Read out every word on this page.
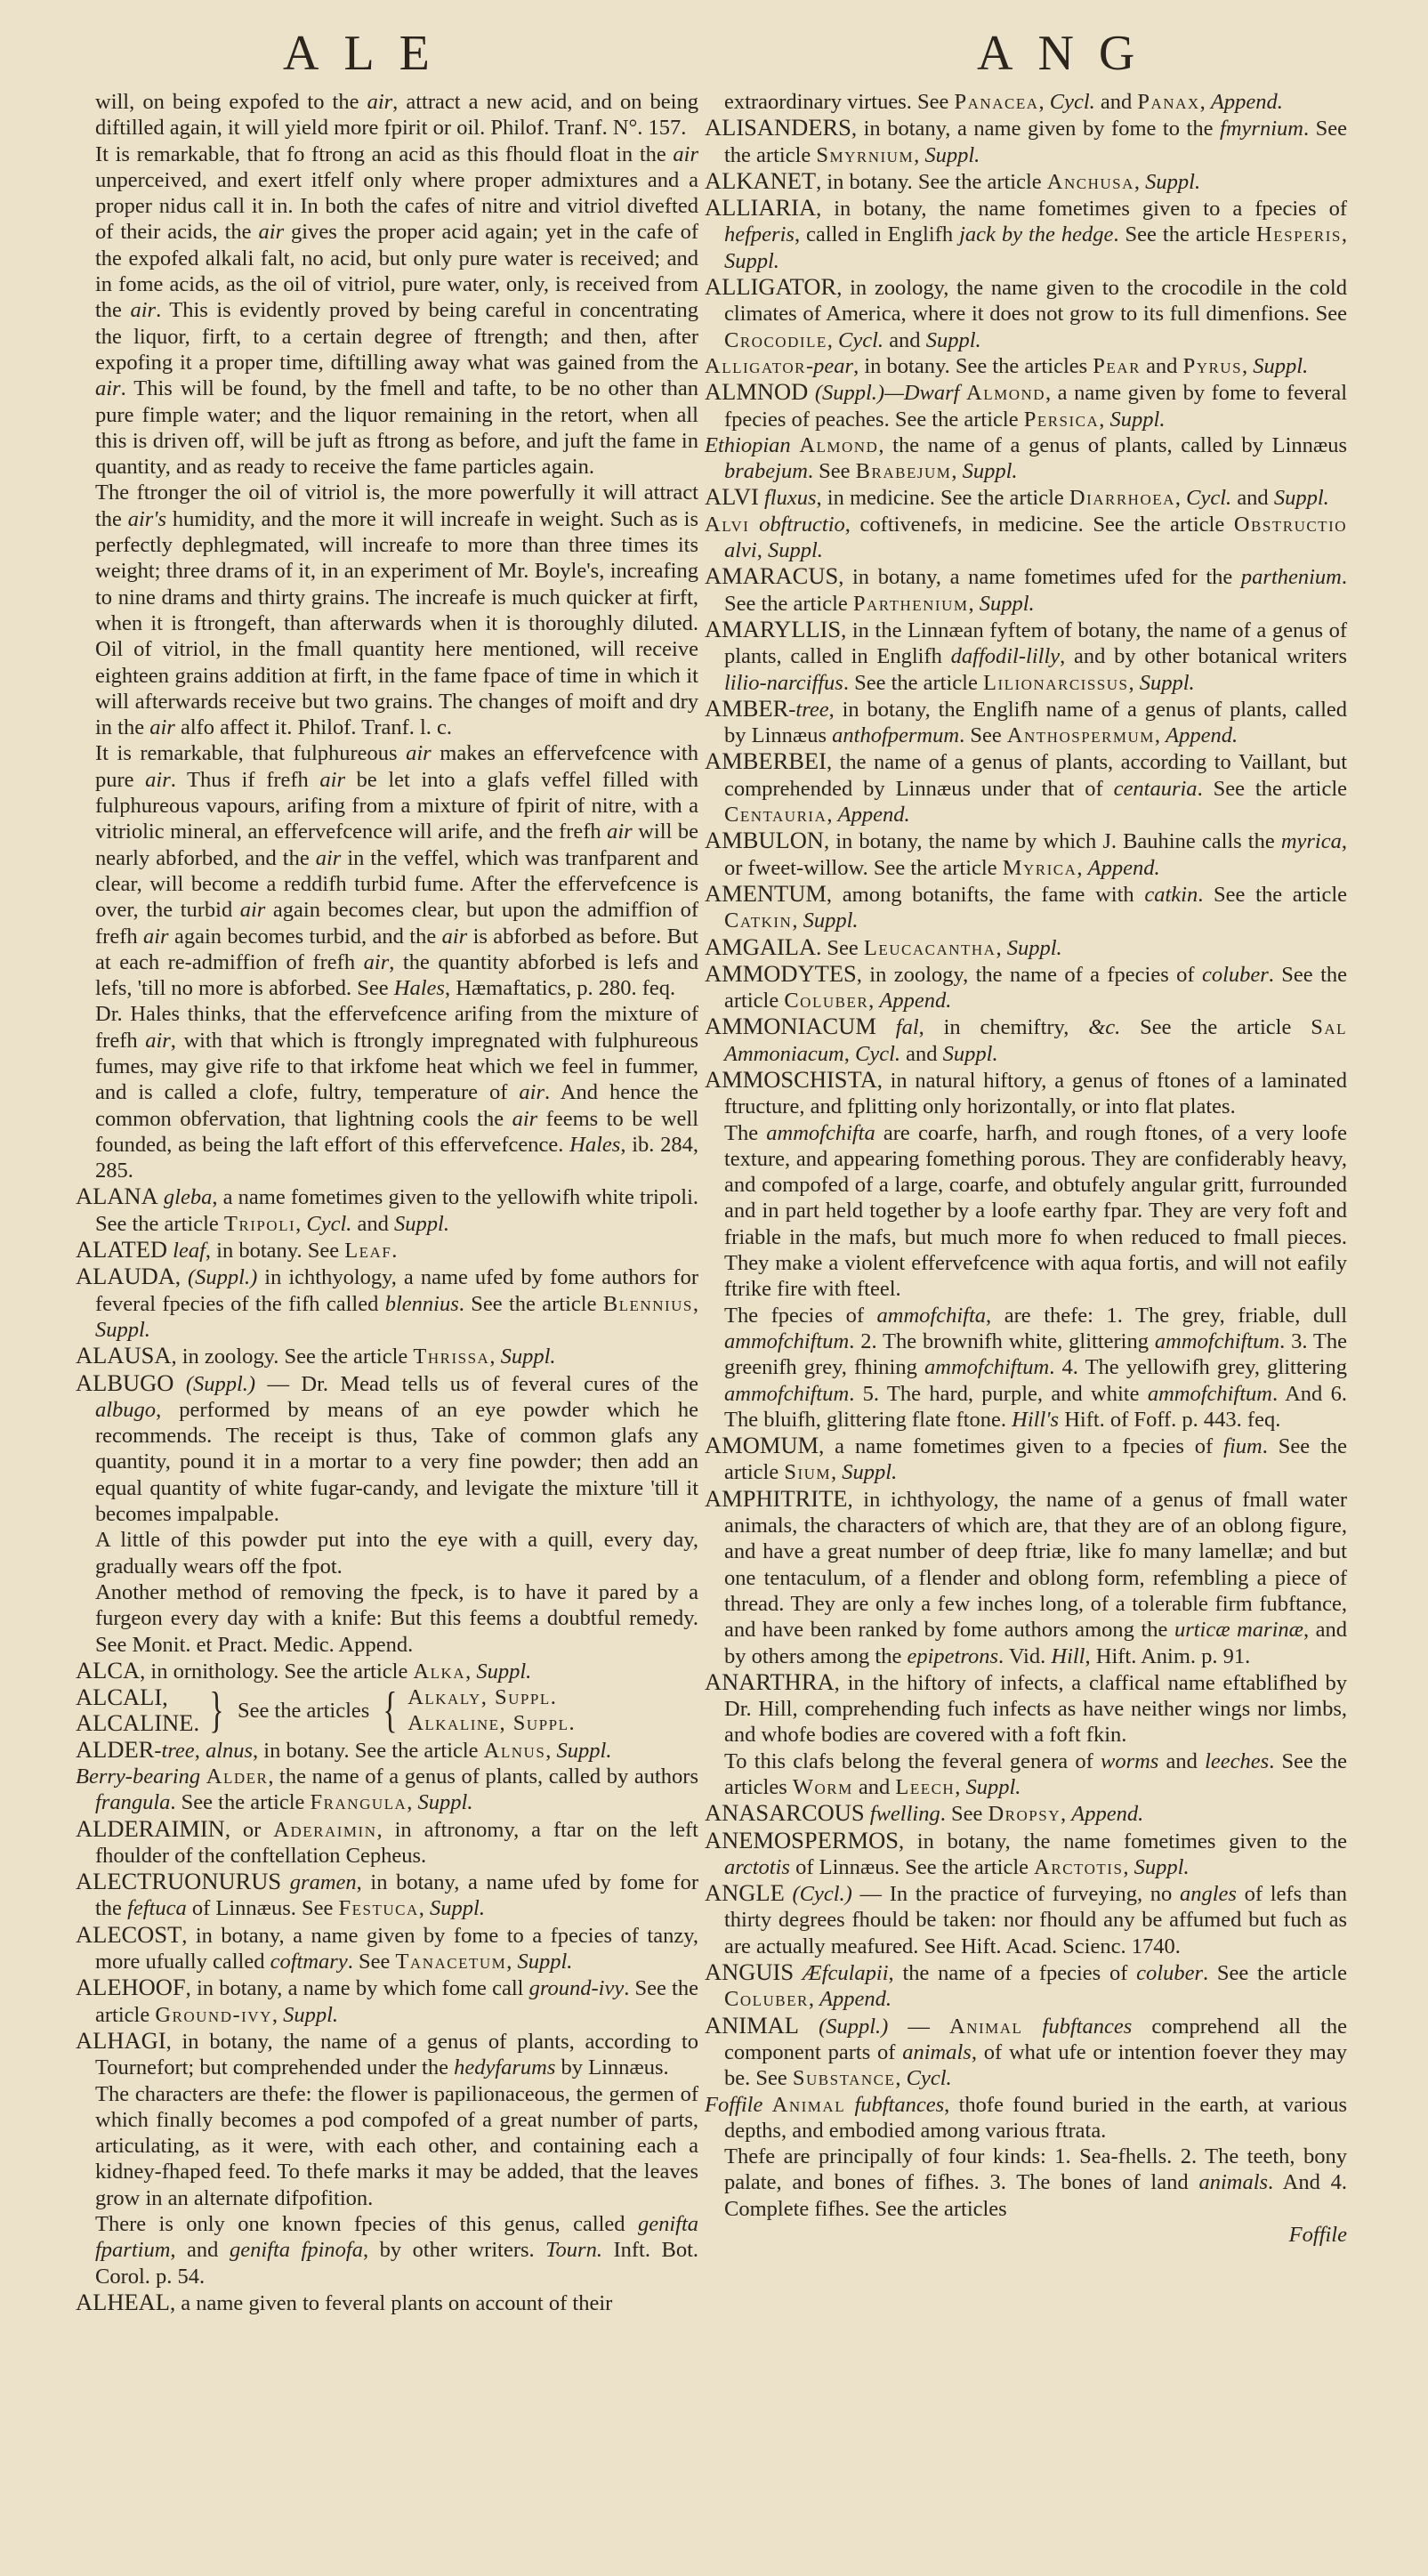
ALE	ANG

will, on being expofed to the air, attract a new acid, and on being diftilled again, it will yield more fpirit or oil. Philof. Tranf. N°. 157.

It is remarkable, that fo ftrong an acid as this fhould float in the air unperceived, and exert itfelf only where proper admixtures and a proper nidus call it in. In both the cafes of nitre and vitriol divefted of their acids, the air gives the proper acid again; yet in the cafe of the expofed alkali falt, no acid, but only pure water is received; and in fome acids, as the oil of vitriol, pure water, only, is received from the air. This is evidently proved by being careful in concentrating the liquor, firft, to a certain degree of ftrength; and then, after expofing it a proper time, diftilling away what was gained from the air. This will be found, by the fmell and tafte, to be no other than pure fimple water; and the liquor remaining in the retort, when all this is driven off, will be juft as ftrong as before, and juft the fame in quantity, and as ready to receive the fame particles again.

The ftronger the oil of vitriol is, the more powerfully it will attract the air's humidity, and the more it will increafe in weight. Such as is perfectly dephlegmated, will increafe to more than three times its weight; three drams of it, in an experiment of Mr. Boyle's, increafing to nine drams and thirty grains. The increafe is much quicker at firft, when it is ftrongeft, than afterwards when it is thoroughly diluted. Oil of vitriol, in the fmall quantity here mentioned, will receive eighteen grains addition at firft, in the fame fpace of time in which it will afterwards receive but two grains. The changes of moift and dry in the air alfo affect it. Philof. Tranf. l. c.

It is remarkable, that fulphureous air makes an effervefcence with pure air. Thus if frefh air be let into a glafs veffel filled with fulphureous vapours, arifing from a mixture of fpirit of nitre, with a vitriolic mineral, an effervefcence will arife, and the frefh air will be nearly abforbed, and the air in the veffel, which was tranfparent and clear, will become a reddifh turbid fume. After the effervefcence is over, the turbid air again becomes clear, but upon the admiffion of frefh air again becomes turbid, and the air is abforbed as before. But at each re-admiffion of frefh air, the quantity abforbed is lefs and lefs, 'till no more is abforbed. See Hales, Hæmaftatics, p. 280. feq.

Dr. Hales thinks, that the effervefcence arifing from the mixture of frefh air, with that which is ftrongly impregnated with fulphureous fumes, may give rife to that irkfome heat which we feel in fummer, and is called a clofe, fultry, temperature of air. And hence the common obfervation, that lightning cools the air feems to be well founded, as being the laft effort of this effervefcence. Hales, ib. 284, 285.

ALANA gleba, a name fometimes given to the yellowifh white tripoli. See the article Tripoli, Cycl. and Suppl.

ALATED leaf, in botany. See Leaf.

ALAUDA, (Suppl.) in ichthyology, a name ufed by fome authors for feveral fpecies of the fifh called blennius. See the article Blennius, Suppl.

ALAUSA, in zoology. See the article Thrissa, Suppl.

ALBUGO (Suppl.) — Dr. Mead tells us of feveral cures of the albugo, performed by means of an eye powder which he recommends. The receipt is thus, Take of common glafs any quantity, pound it in a mortar to a very fine powder; then add an equal quantity of white fugar-candy, and levigate the mixture 'till it becomes impalpable.

A little of this powder put into the eye with a quill, every day, gradually wears off the fpot.

Another method of removing the fpeck, is to have it pared by a furgeon every day with a knife: But this feems a doubtful remedy. See Monit. et Pract. Medic. Append.

ALCA, in ornithology. See the article Alka, Suppl.

ALCALI,
ALCALINE. } See the articles { Alkaly, Suppl.
Alkaline, Suppl.

ALDER-tree, alnus, in botany. See the article Alnus, Suppl.

Berry-bearing Alder, the name of a genus of plants, called by authors frangula. See the article Frangula, Suppl.

ALDERAIMIN, or Aderaimin, in aftronomy, a ftar on the left fhoulder of the conftellation Cepheus.

ALECTRUONURUS gramen, in botany, a name ufed by fome for the feftuca of Linnæus. See Festuca, Suppl.

ALECOST, in botany, a name given by fome to a fpecies of tanzy, more ufually called coftmary. See Tanacetum, Suppl.

ALEHOOF, in botany, a name by which fome call ground-ivy. See the article Ground-ivy, Suppl.

ALHAGI, in botany, the name of a genus of plants, according to Tournefort; but comprehended under the hedyfarums by Linnæus.

The characters are thefe: the flower is papilionaceous, the germen of which finally becomes a pod compofed of a great number of parts, articulating, as it were, with each other, and containing each a kidney-fhaped feed. To thefe marks it may be added, that the leaves grow in an alternate difpofition.

There is only one known fpecies of this genus, called genifta fpartium, and genifta fpinofa, by other writers. Tourn. Inft. Bot. Corol. p. 54.

ALHEAL, a name given to feveral plants on account of their

extraordinary virtues. See Panacea, Cycl. and Panax, Append.

ALISANDERS, in botany, a name given by fome to the fmyrnium. See the article Smyrnium, Suppl.

ALKANET, in botany. See the article Anchusa, Suppl.

ALLIARIA, in botany, the name fometimes given to a fpecies of hefperis, called in Englifh jack by the hedge. See the article Hesperis, Suppl.

ALLIGATOR, in zoology, the name given to the crocodile in the cold climates of America, where it does not grow to its full dimenfions. See Crocodile, Cycl. and Suppl.

Alligator-pear, in botany. See the articles Pear and Pyrus, Suppl.

ALMNOD (Suppl.)—Dwarf Almond, a name given by fome to feveral fpecies of peaches. See the article Persica, Suppl.

Ethiopian Almond, the name of a genus of plants, called by Linnæus brabejum. See Brabejum, Suppl.

ALVI fluxus, in medicine. See the article Diarrhoea, Cycl. and Suppl.

Alvi obftructio, coftivenefs, in medicine. See the article Obstructio alvi, Suppl.

AMARACUS, in botany, a name fometimes ufed for the parthenium. See the article Parthenium, Suppl.

AMARYLLIS, in the Linnæan fyftem of botany, the name of a genus of plants, called in Englifh daffodil-lilly, and by other botanical writers lilio-narciffus. See the article Lilionarcissus, Suppl.

AMBER-tree, in botany, the Englifh name of a genus of plants, called by Linnæus anthofpermum. See Anthospermum, Append.

AMBERBEI, the name of a genus of plants, according to Vaillant, but comprehended by Linnæus under that of centauria. See the article Centauria, Append.

AMBULON, in botany, the name by which J. Bauhine calls the myrica, or fweet-willow. See the article Myrica, Append.

AMENTUM, among botanifts, the fame with catkin. See the article Catkin, Suppl.

AMGAILA. See Leucacantha, Suppl.

AMMODYTES, in zoology, the name of a fpecies of coluber. See the article Coluber, Append.

AMMONIACUM fal, in chemiftry, &c. See the article Sal Ammoniacum, Cycl. and Suppl.

AMMOSCHISTA, in natural hiftory, a genus of ftones of a laminated ftructure, and fplitting only horizontally, or into flat plates.

The ammofchifta are coarfe, harfh, and rough ftones, of a very loofe texture, and appearing fomething porous. They are confiderably heavy, and compofed of a large, coarfe, and obtufely angular gritt, furrounded and in part held together by a loofe earthy fpar. They are very foft and friable in the mafs, but much more fo when reduced to fmall pieces. They make a violent effervefcence with aqua fortis, and will not eafily ftrike fire with fteel.

The fpecies of ammofchifta, are thefe: 1. The grey, friable, dull ammofchiftum. 2. The brownifh white, glittering ammofchiftum. 3. The greenifh grey, fhining ammofchiftum. 4. The yellowifh grey, glittering ammofchiftum. 5. The hard, purple, and white ammofchiftum. And 6. The bluifh, glittering flate ftone. Hill's Hift. of Foff. p. 443. feq.

AMOMUM, a name fometimes given to a fpecies of fium. See the article Sium, Suppl.

AMPHITRITE, in ichthyology, the name of a genus of fmall water animals, the characters of which are, that they are of an oblong figure, and have a great number of deep ftriæ, like fo many lamellæ; and but one tentaculum, of a flender and oblong form, refembling a piece of thread. They are only a few inches long, of a tolerable firm fubftance, and have been ranked by fome authors among the urticæ marinæ, and by others among the epipetrons. Vid. Hill, Hift. Anim. p. 91.

ANARTHRA, in the hiftory of infects, a claffical name eftablifhed by Dr. Hill, comprehending fuch infects as have neither wings nor limbs, and whofe bodies are covered with a foft fkin.

To this clafs belong the feveral genera of worms and leeches. See the articles Worm and Leech, Suppl.

ANASARCOUS fwelling. See Dropsy, Append.

ANEMOSPERMOS, in botany, the name fometimes given to the arctotis of Linnæus. See the article Arctotis, Suppl.

ANGLE (Cycl.) — In the practice of furveying, no angles of lefs than thirty degrees fhould be taken: nor fhould any be affumed but fuch as are actually meafured. See Hift. Acad. Scienc. 1740.

ANGUIS Æfculapii, the name of a fpecies of coluber. See the article Coluber, Append.

ANIMAL (Suppl.) — Animal fubftances comprehend all the component parts of animals, of what ufe or intention foever they may be. See Substance, Cycl.

Foffile Animal fubftances, thofe found buried in the earth, at various depths, and embodied among various ftrata.

Thefe are principally of four kinds: 1. Sea-fhells. 2. The teeth, bony palate, and bones of fifhes. 3. The bones of land animals. And 4. Complete fifhes. See the articles

Foffile
